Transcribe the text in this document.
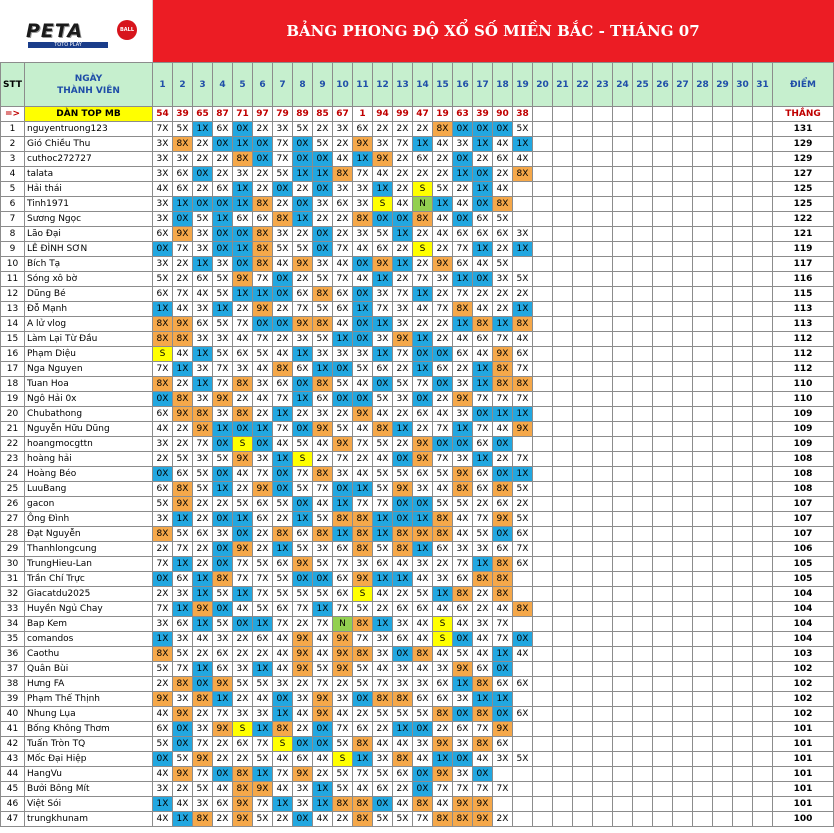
PETA	BALL
TOTO PLAY
BẢNG PHONG ĐỘ XỔ SỐ MIỀN BẮC - THÁNG 07
STT	NGÀY
THÀNH VIÊN	1	2	3	4	5	6	7	8	9	10	11	12	13	14	15	16	17	18	19	20	21	22	23	24	25	26	27	28	29	30	31	ĐIỂM
=>	DÀN TOP MB	54	39	65	87	71	97	79	89	85	67	1	94	99	47	19	63	39	90	38													THẮNG
1	nguyentruong123	7X	5X	1X	6X	0X	2X	3X	5X	2X	3X	6X	2X	2X	2X	8X	0X	0X	0X	5X													131
2	Gió Chiều Thu	3X	8X	2X	0X	1X	0X	7X	0X	5X	2X	9X	3X	7X	1X	4X	3X	1X	4X	1X													129
3	cuthoc272727	3X	3X	2X	2X	8X	0X	7X	0X	0X	4X	1X	9X	2X	6X	2X	0X	2X	6X	4X													129
4	talata	3X	6X	0X	2X	3X	2X	5X	1X	1X	8X	7X	4X	2X	2X	2X	1X	0X	2X	8X													127
5	Hải thái	4X	6X	2X	6X	1X	2X	0X	2X	0X	3X	3X	1X	2X	S	5X	2X	1X	4X														125
6	Tinh1971	3X	1X	0X	0X	1X	8X	2X	0X	3X	6X	3X	S	4X	N	1X	4X	0X	8X														125
7	Sương Ngọc	3X	0X	5X	1X	6X	6X	8X	1X	2X	2X	8X	0X	0X	8X	4X	0X	6X	5X														122
8	Lão Đại	6X	9X	3X	0X	0X	8X	3X	2X	0X	2X	3X	5X	1X	2X	4X	6X	6X	6X	3X													121
9	LÊ ĐÌNH SƠN	0X	7X	3X	0X	1X	8X	5X	5X	0X	7X	4X	6X	2X	S	2X	7X	1X	2X	1X													119
10	Bích Tạ	3X	2X	1X	3X	0X	8X	4X	9X	3X	4X	0X	9X	1X	2X	9X	6X	4X	5X														117
11	Sóng xô bờ	5X	2X	6X	5X	9X	7X	0X	2X	5X	7X	4X	1X	2X	7X	3X	1X	0X	3X	5X													116
12	Dũng Bé	6X	7X	4X	5X	1X	1X	0X	6X	8X	6X	0X	3X	7X	1X	2X	7X	2X	2X	2X													115
13	Đỗ Mạnh	1X	4X	3X	1X	2X	9X	2X	7X	5X	6X	1X	7X	3X	4X	7X	8X	4X	2X	1X													113
14	A lử vlog	8X	9X	6X	5X	7X	0X	0X	9X	8X	4X	0X	1X	3X	2X	2X	1X	8X	1X	8X													113
15	Làm Lại Từ Đầu	8X	8X	3X	3X	4X	7X	2X	3X	5X	1X	0X	3X	9X	1X	2X	4X	6X	7X	4X													112
16	Phạm Diệu	S	4X	1X	5X	6X	5X	4X	1X	3X	3X	3X	1X	7X	0X	0X	6X	4X	9X	6X													112
17	Nga Nguyen	7X	1X	3X	7X	3X	4X	8X	6X	1X	0X	5X	6X	2X	1X	6X	2X	1X	8X	7X													112
18	Tuan Hoa	8X	2X	1X	7X	8X	3X	6X	0X	8X	5X	4X	0X	5X	7X	0X	3X	1X	8X	8X													110
19	Ngô Hải 0x	0X	8X	3X	9X	2X	4X	7X	1X	6X	0X	0X	5X	3X	0X	2X	9X	7X	7X	7X													110
20	Chubathong	6X	9X	8X	3X	8X	2X	1X	2X	3X	2X	9X	4X	2X	6X	4X	3X	0X	1X	1X													109
21	Nguyễn Hữu Dũng	4X	2X	9X	1X	0X	1X	7X	0X	9X	5X	4X	8X	1X	2X	7X	1X	7X	4X	9X													109
22	hoangmocgttn	3X	2X	7X	0X	S	0X	4X	5X	4X	9X	7X	5X	2X	9X	0X	0X	6X	0X														109
23	hoàng hải	2X	5X	3X	5X	9X	3X	1X	S	2X	7X	2X	4X	0X	9X	7X	3X	1X	2X	7X													108
24	Hoàng Béo	0X	6X	5X	0X	4X	7X	0X	7X	8X	3X	4X	5X	5X	6X	5X	9X	6X	0X	1X													108
25	LuuBang	6X	8X	5X	1X	2X	9X	0X	5X	7X	0X	1X	5X	9X	3X	4X	8X	6X	8X	5X													108
26	gacon	5X	9X	2X	2X	5X	6X	5X	0X	4X	1X	7X	7X	0X	0X	5X	5X	2X	6X	2X													107
27	Ông Đình	3X	1X	2X	0X	1X	6X	2X	1X	5X	8X	8X	1X	0X	1X	8X	4X	7X	9X	5X													107
28	Đạt Nguyễn	8X	5X	6X	3X	0X	2X	8X	6X	8X	1X	8X	1X	8X	9X	8X	4X	5X	0X	6X													107
29	Thanhlongcung	2X	7X	2X	0X	9X	2X	1X	5X	3X	6X	8X	5X	8X	1X	6X	3X	3X	6X	7X													106
30	TrungHieu-Lan	7X	1X	2X	0X	7X	5X	6X	9X	5X	7X	3X	6X	4X	3X	2X	7X	1X	8X	6X													105
31	Trần Chí Trực	0X	6X	1X	8X	7X	7X	5X	0X	0X	6X	9X	1X	1X	4X	3X	6X	8X	8X														105
32	Giacatdu2025	2X	3X	1X	5X	1X	7X	5X	5X	5X	6X	S	4X	2X	5X	1X	8X	2X	8X														104
33	Huyền Ngủ Chay	7X	1X	9X	0X	4X	5X	6X	7X	1X	7X	5X	2X	6X	6X	4X	6X	2X	4X	8X													104
34	Bap Kem	3X	6X	1X	5X	0X	1X	7X	2X	7X	N	8X	1X	3X	4X	S	4X	3X	7X														104
35	comandos	1X	3X	4X	3X	2X	6X	4X	9X	4X	9X	7X	3X	6X	4X	S	0X	4X	7X	0X													104
36	Caothu	8X	5X	2X	6X	2X	2X	4X	9X	4X	9X	8X	3X	0X	8X	4X	5X	4X	1X	4X													103
37	Quân Bùi	5X	7X	1X	6X	3X	1X	4X	9X	5X	9X	5X	4X	3X	4X	3X	9X	6X	0X														102
38	Hưng FA	2X	8X	0X	9X	5X	5X	3X	2X	7X	2X	5X	7X	3X	3X	6X	1X	8X	6X	6X													102
39	Phạm Thế Thịnh	9X	3X	8X	1X	2X	4X	0X	3X	9X	3X	0X	8X	8X	6X	6X	3X	1X	1X														102
40	Nhung Lụa	4X	9X	2X	7X	3X	3X	1X	4X	9X	4X	2X	5X	5X	5X	8X	0X	8X	0X	6X													102
41	Bống Không Thơm	6X	0X	3X	9X	S	1X	8X	2X	0X	7X	6X	2X	1X	0X	2X	6X	7X	9X														101
42	Tuấn Tròn TQ	5X	0X	7X	2X	6X	7X	S	0X	0X	5X	8X	4X	4X	3X	9X	3X	8X	6X														101
43	Mốc Đại Hiệp	0X	5X	9X	2X	2X	5X	4X	6X	4X	S	1X	3X	8X	4X	1X	0X	4X	3X	5X													101
44	HangVu	4X	9X	7X	0X	8X	1X	7X	9X	2X	5X	7X	5X	6X	0X	9X	3X	0X															101
45	Bưởi Bông Mít	3X	2X	5X	4X	8X	9X	4X	3X	1X	5X	4X	6X	2X	0X	7X	7X	7X	7X														101
46	Việt Sói	1X	4X	3X	6X	9X	7X	1X	3X	1X	8X	8X	0X	4X	8X	4X	9X	9X															101
47	trungkhunam	4X	1X	8X	2X	9X	5X	2X	0X	4X	2X	8X	5X	5X	7X	8X	8X	9X	2X														100
